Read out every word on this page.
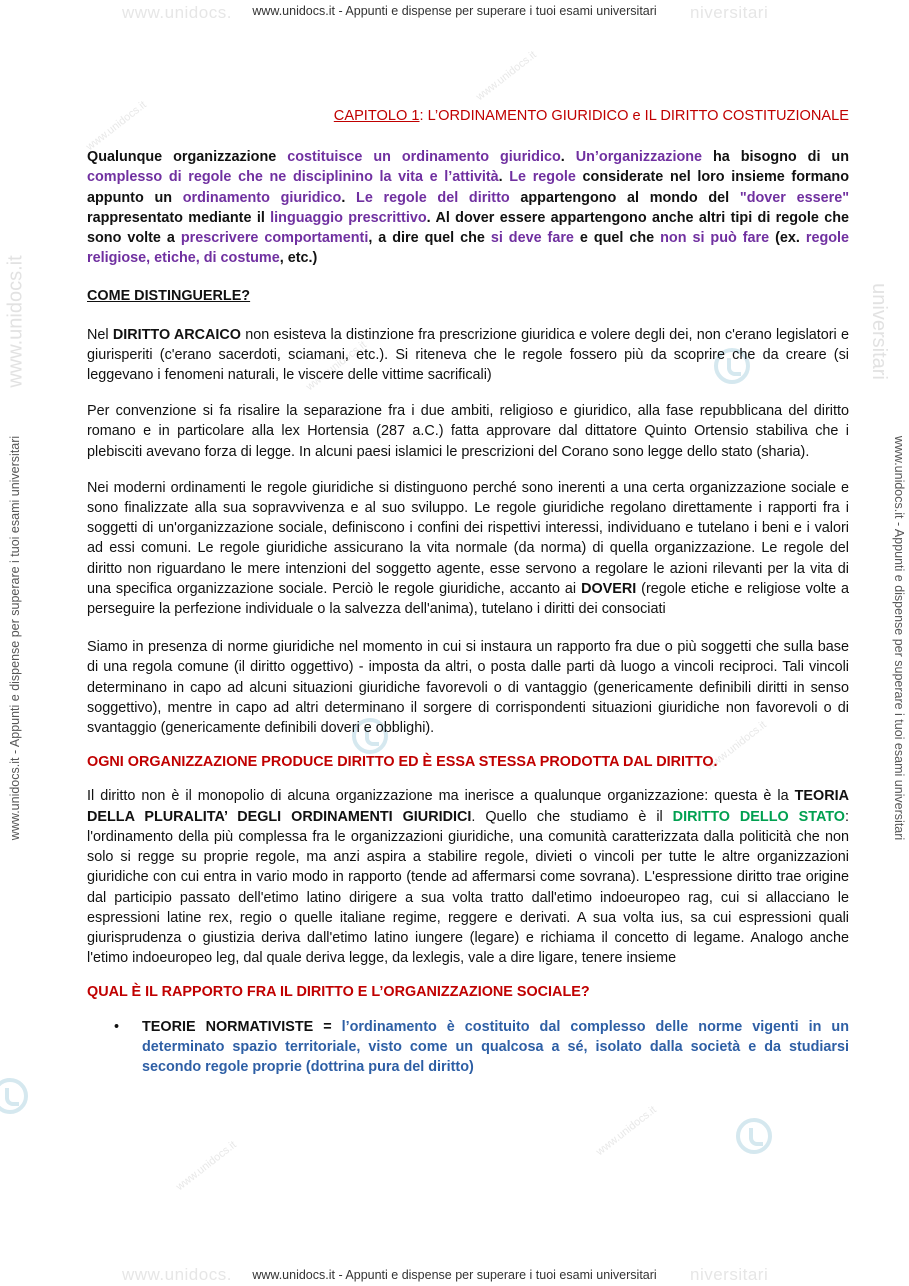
www.unidocs.	niversitari
www.unidocs.it - Appunti e dispense per superare i tuoi esami universitari
www.unidocs.	niversitari
www.unidocs.it - Appunti e dispense per superare i tuoi esami universitari
www.unidocs.it - Appunti e dispense per superare i tuoi esami universitari	www.unidocs.it - Appunti e dispense per superare i tuoi esami universitari
www.unidocs.it	universitari
www.unidocs.it
www.unidocs.it
www.unidocs.it
www.unidocs.it
www.unidocs.it
www.unidocs.it

CAPITOLO 1: L’ORDINAMENTO GIURIDICO e IL DIRITTO COSTITUZIONALE

Qualunque organizzazione costituisce un ordinamento giuridico. Un’organizzazione ha bisogno di un complesso di regole che ne disciplinino la vita e l’attività. Le regole considerate nel loro insieme formano appunto un ordinamento giuridico. Le regole del diritto appartengono al mondo del "dover essere" rappresentato mediante il linguaggio prescrittivo. Al dover essere appartengono anche altri tipi di regole che sono volte a prescrivere comportamenti, a dire quel che si deve fare e quel che non si può fare (ex. regole religiose, etiche, di costume, etc.)

COME DISTINGUERLE?

Nel DIRITTO ARCAICO non esisteva la distinzione fra prescrizione giuridica e volere degli dei, non c'erano legislatori e giurisperiti (c'erano sacerdoti, sciamani, etc.). Si riteneva che le regole fossero più da scoprire che da creare (si leggevano i fenomeni naturali, le viscere delle vittime sacrificali)

Per convenzione si fa risalire la separazione fra i due ambiti, religioso e giuridico, alla fase repubblicana del diritto romano e in particolare alla lex Hortensia (287 a.C.) fatta approvare dal dittatore Quinto Ortensio stabiliva che i plebisciti avevano forza di legge. In alcuni paesi islamici le prescrizioni del Corano sono legge dello stato (sharia).

Nei moderni ordinamenti le regole giuridiche si distinguono perché sono inerenti a una certa organizzazione sociale e sono finalizzate alla sua sopravvivenza e al suo sviluppo. Le regole giuridiche regolano direttamente i rapporti fra i soggetti di un'organizzazione sociale, definiscono i confini dei rispettivi interessi, individuano e tutelano i beni e i valori ad essi comuni. Le regole giuridiche assicurano la vita normale (da norma) di quella organizzazione. Le regole del diritto non riguardano le mere intenzioni del soggetto agente, esse servono a regolare le azioni rilevanti per la vita di una specifica organizzazione sociale. Perciò le regole giuridiche, accanto ai DOVERI (regole etiche e religiose volte a perseguire la perfezione individuale o la salvezza dell'anima), tutelano i diritti dei consociati

Siamo in presenza di norme giuridiche nel momento in cui si instaura un rapporto fra due o più soggetti che sulla base di una regola comune (il diritto oggettivo) - imposta da altri, o posta dalle parti dà luogo a vincoli reciproci. Tali vincoli determinano in capo ad alcuni situazioni giuridiche favorevoli o di vantaggio (genericamente definibili diritti in senso soggettivo), mentre in capo ad altri determinano il sorgere di corrispondenti situazioni giuridiche non favorevoli o di svantaggio (genericamente definibili doveri e obblighi).

OGNI ORGANIZZAZIONE PRODUCE DIRITTO ED È ESSA STESSA PRODOTTA DAL DIRITTO.

Il diritto non è il monopolio di alcuna organizzazione ma inerisce a qualunque organizzazione: questa è la TEORIA DELLA PLURALITA’ DEGLI ORDINAMENTI GIURIDICI. Quello che studiamo è il DIRITTO DELLO STATO: l'ordinamento della più complessa fra le organizzazioni giuridiche, una comunità caratterizzata dalla politicità che non solo si regge su proprie regole, ma anzi aspira a stabilire regole, divieti o vincoli per tutte le altre organizzazioni giuridiche con cui entra in vario modo in rapporto (tende ad affermarsi come sovrana). L'espressione diritto trae origine dal participio passato dell'etimo latino dirigere a sua volta tratto dall'etimo indoeuropeo rag, cui si allacciano le espressioni latine rex, regio o quelle italiane regime, reggere e derivati. A sua volta ius, sa cui espressioni quali giurisprudenza o giustizia deriva dall'etimo latino iungere (legare) e richiama il concetto di legame. Analogo anche l'etimo indoeuropeo leg, dal quale deriva legge, da lexlegis, vale a dire ligare, tenere insieme

QUAL È IL RAPPORTO FRA IL DIRITTO E L’ORGANIZZAZIONE SOCIALE?

• TEORIE NORMATIVISTE = l’ordinamento è costituito dal complesso delle norme vigenti in un determinato spazio territoriale, visto come un qualcosa a sé, isolato dalla società e da studiarsi secondo regole proprie (dottrina pura del diritto)
